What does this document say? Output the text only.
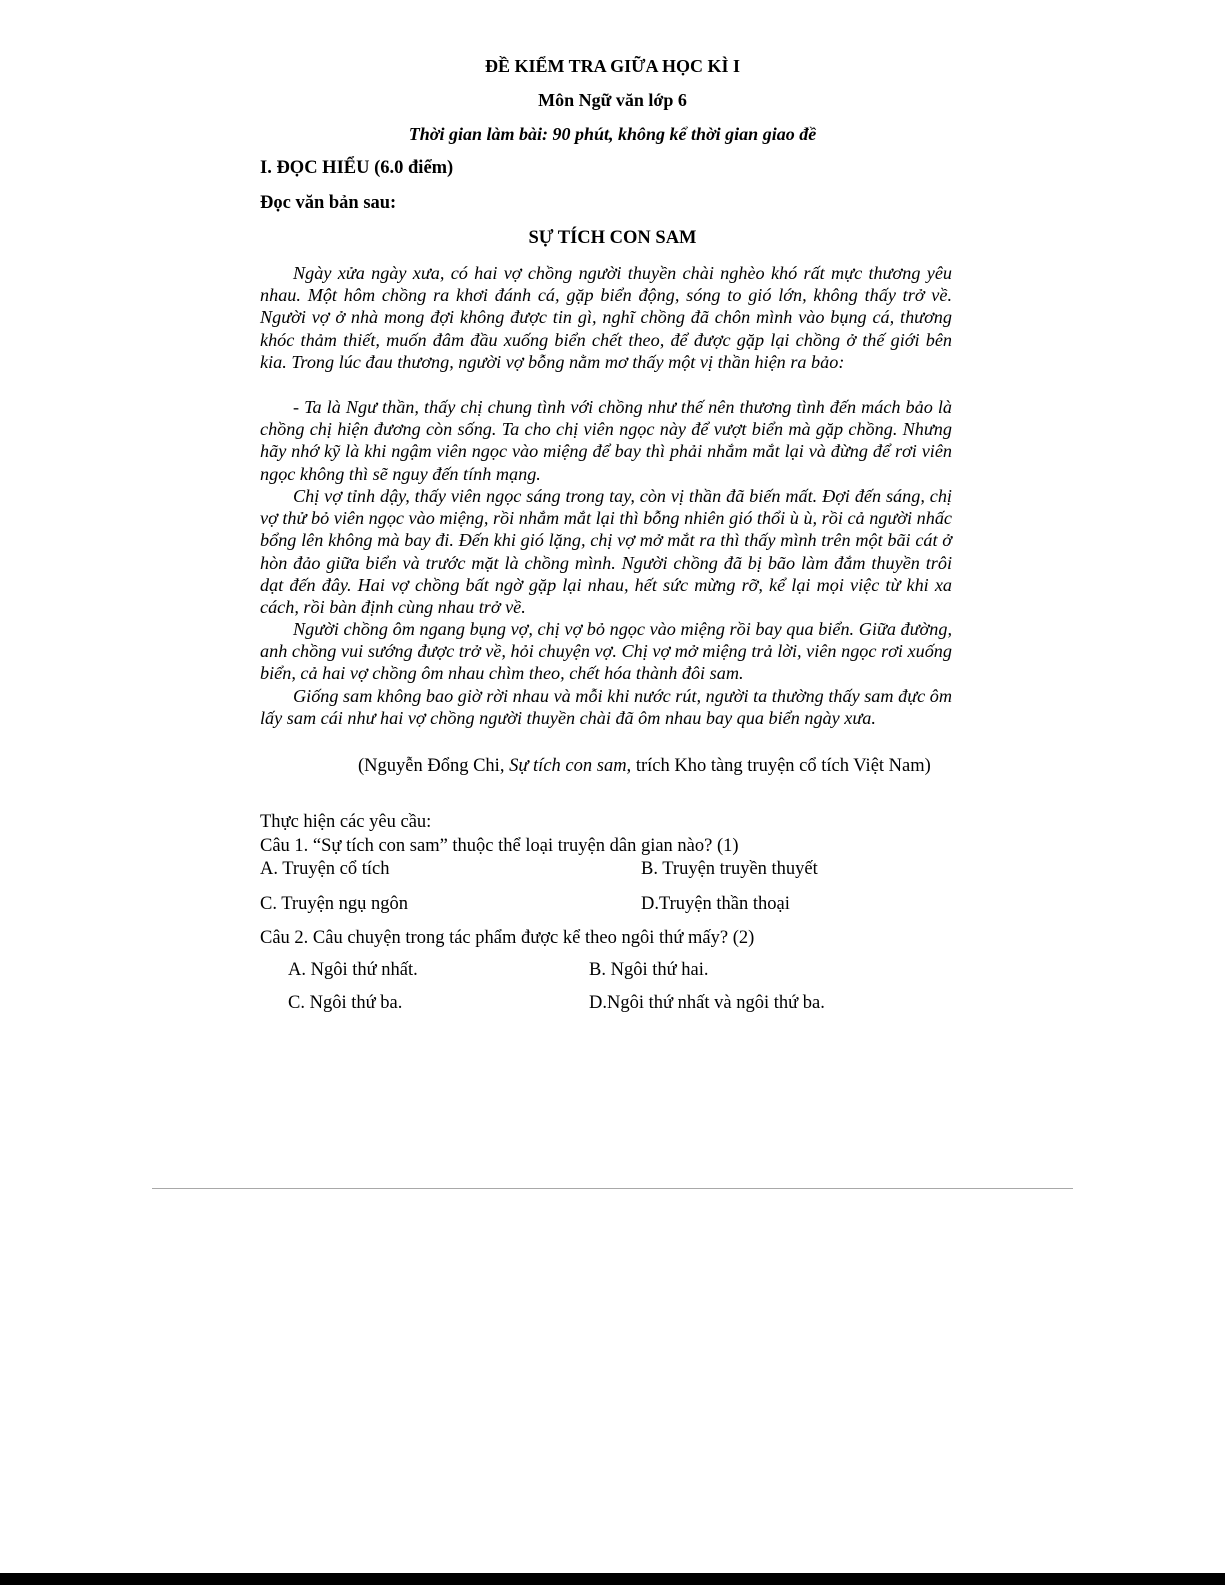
ĐỀ KIỂM TRA GIỮA HỌC KÌ I
Môn Ngữ văn lớp 6
Thời gian làm bài: 90 phút, không kể thời gian giao đề
I. ĐỌC HIỂU (6.0 điểm)
Đọc văn bản sau:
SỰ TÍCH CON SAM
Ngày xửa ngày xưa, có hai vợ chồng người thuyền chài nghèo khó rất mực thương yêu nhau. Một hôm chồng ra khơi đánh cá, gặp biển động, sóng to gió lớn, không thấy trở về. Người vợ ở nhà mong đợi không được tin gì, nghĩ chồng đã chôn mình vào bụng cá, thương khóc thảm thiết, muốn đâm đầu xuống biển chết theo, để được gặp lại chồng ở thế giới bên kia. Trong lúc đau thương, người vợ bỗng nằm mơ thấy một vị thần hiện ra bảo:
- Ta là Ngư thần, thấy chị chung tình với chồng như thế nên thương tình đến mách bảo là chồng chị hiện đương còn sống. Ta cho chị viên ngọc này để vượt biển mà gặp chồng. Nhưng hãy nhớ kỹ là khi ngậm viên ngọc vào miệng để bay thì phải nhắm mắt lại và đừng để rơi viên ngọc không thì sẽ nguy đến tính mạng.
Chị vợ tỉnh dậy, thấy viên ngọc sáng trong tay, còn vị thần đã biến mất. Đợi đến sáng, chị vợ thử bỏ viên ngọc vào miệng, rồi nhắm mắt lại thì bỗng nhiên gió thổi ù ù, rồi cả người nhấc bổng lên không mà bay đi. Đến khi gió lặng, chị vợ mở mắt ra thì thấy mình trên một bãi cát ở hòn đảo giữa biển và trước mặt là chồng mình. Người chồng đã bị bão làm đắm thuyền trôi dạt đến đây. Hai vợ chồng bất ngờ gặp lại nhau, hết sức mừng rỡ, kể lại mọi việc từ khi xa cách, rồi bàn định cùng nhau trở về.
Người chồng ôm ngang bụng vợ, chị vợ bỏ ngọc vào miệng rồi bay qua biển. Giữa đường, anh chồng vui sướng được trở về, hỏi chuyện vợ. Chị vợ mở miệng trả lời, viên ngọc rơi xuống biển, cả hai vợ chồng ôm nhau chìm theo, chết hóa thành đôi sam.
Giống sam không bao giờ rời nhau và mỗi khi nước rút, người ta thường thấy sam đực ôm lấy sam cái như hai vợ chồng người thuyền chài đã ôm nhau bay qua biển ngày xưa.
(Nguyễn Đổng Chi, Sự tích con sam, trích Kho tàng truyện cổ tích Việt Nam)
Thực hiện các yêu cầu:
Câu 1. “Sự tích con sam” thuộc thể loại truyện dân gian nào? (1)
A. Truyện cổ tích	B. Truyện truyền thuyết
C. Truyện ngụ ngôn	D.Truyện thần thoại
Câu 2. Câu chuyện trong tác phẩm được kể theo ngôi thứ mấy? (2)
A. Ngôi thứ nhất.	B. Ngôi thứ hai.
C. Ngôi thứ ba.	D.Ngôi thứ nhất và ngôi thứ ba.
